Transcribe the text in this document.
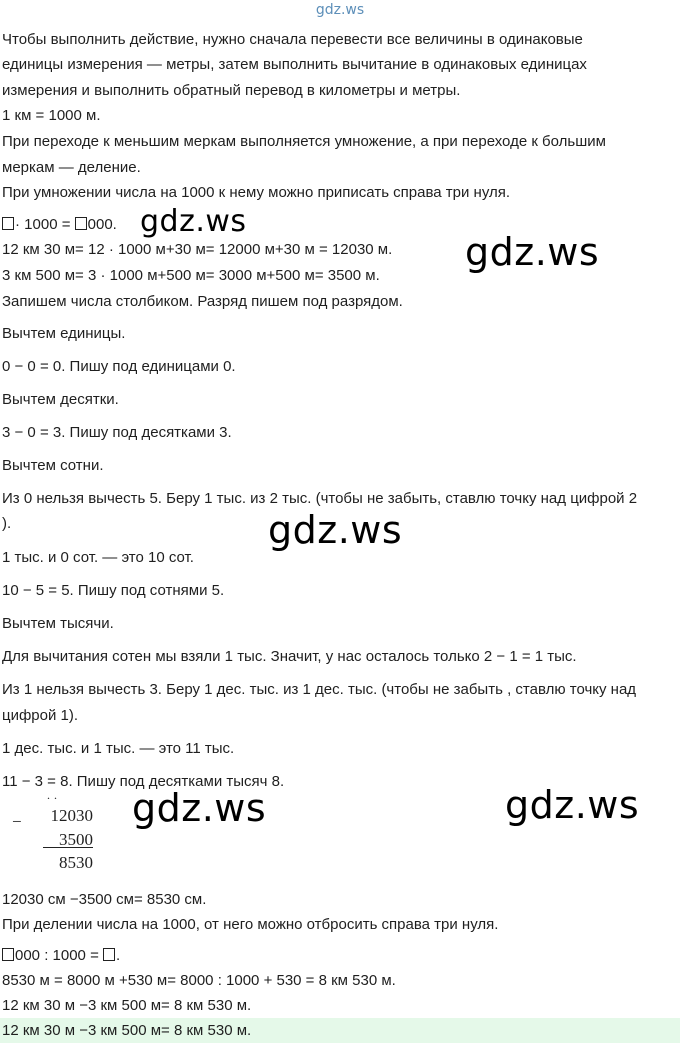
gdz.ws

Чтобы выполнить действие, нужно сначала перевести все величины в одинаковые

единицы измерения — метры, затем выполнить вычитание в одинаковых единицах

измерения и выполнить обратный перевод в километры и метры.

1 км = 1000 м.

При переходе к меньшим меркам выполняется умножение, а при переходе к большим

меркам — деление.

При умножении числа на 1000 к нему можно приписать справа три нуля.

· 1000 = 000.

12 км 30 м= 12 · 1000 м+30 м= 12000 м+30 м = 12030 м.

3 км 500 м= 3 · 1000 м+500 м= 3000 м+500 м= 3500 м.

Запишем числа столбиком. Разряд пишем под разрядом.

Вычтем единицы.

0 − 0 = 0. Пишу под единицами 0.

Вычтем десятки.

3 − 0 = 3. Пишу под десятками 3.

Вычтем сотни.

Из 0 нельзя вычесть 5. Беру 1 тыс. из 2 тыс. (чтобы не забыть, ставлю точку над цифрой 2

).

1 тыс. и 0 сот. — это 10 сот.

10 − 5 = 5. Пишу под сотнями 5.

Вычтем тысячи.

Для вычитания сотен мы взяли 1 тыс. Значит, у нас осталось только 2 − 1 = 1 тыс.

Из 1 нельзя вычесть 3. Беру 1 дес. тыс. из 1 дес. тыс. (чтобы не забыть , ставлю точку над

цифрой 1).

1 дес. тыс. и 1 тыс. — это 11 тыс.

11 − 3 = 8. Пишу под десятками тысяч 8.

..
− 12030
3500
8530

12030 см −3500 см= 8530 см.

При делении числа на 1000, от него можно отбросить справа три нуля.

000 : 1000 = .

8530 м = 8000 м +530 м= 8000 : 1000 + 530 = 8 км 530 м.

12 км 30 м −3 км 500 м= 8 км 530 м.

12 км 30 м −3 км 500 м= 8 км 530 м.

gdz.ws
gdz.ws
gdz.ws
gdz.ws	gdz.ws
